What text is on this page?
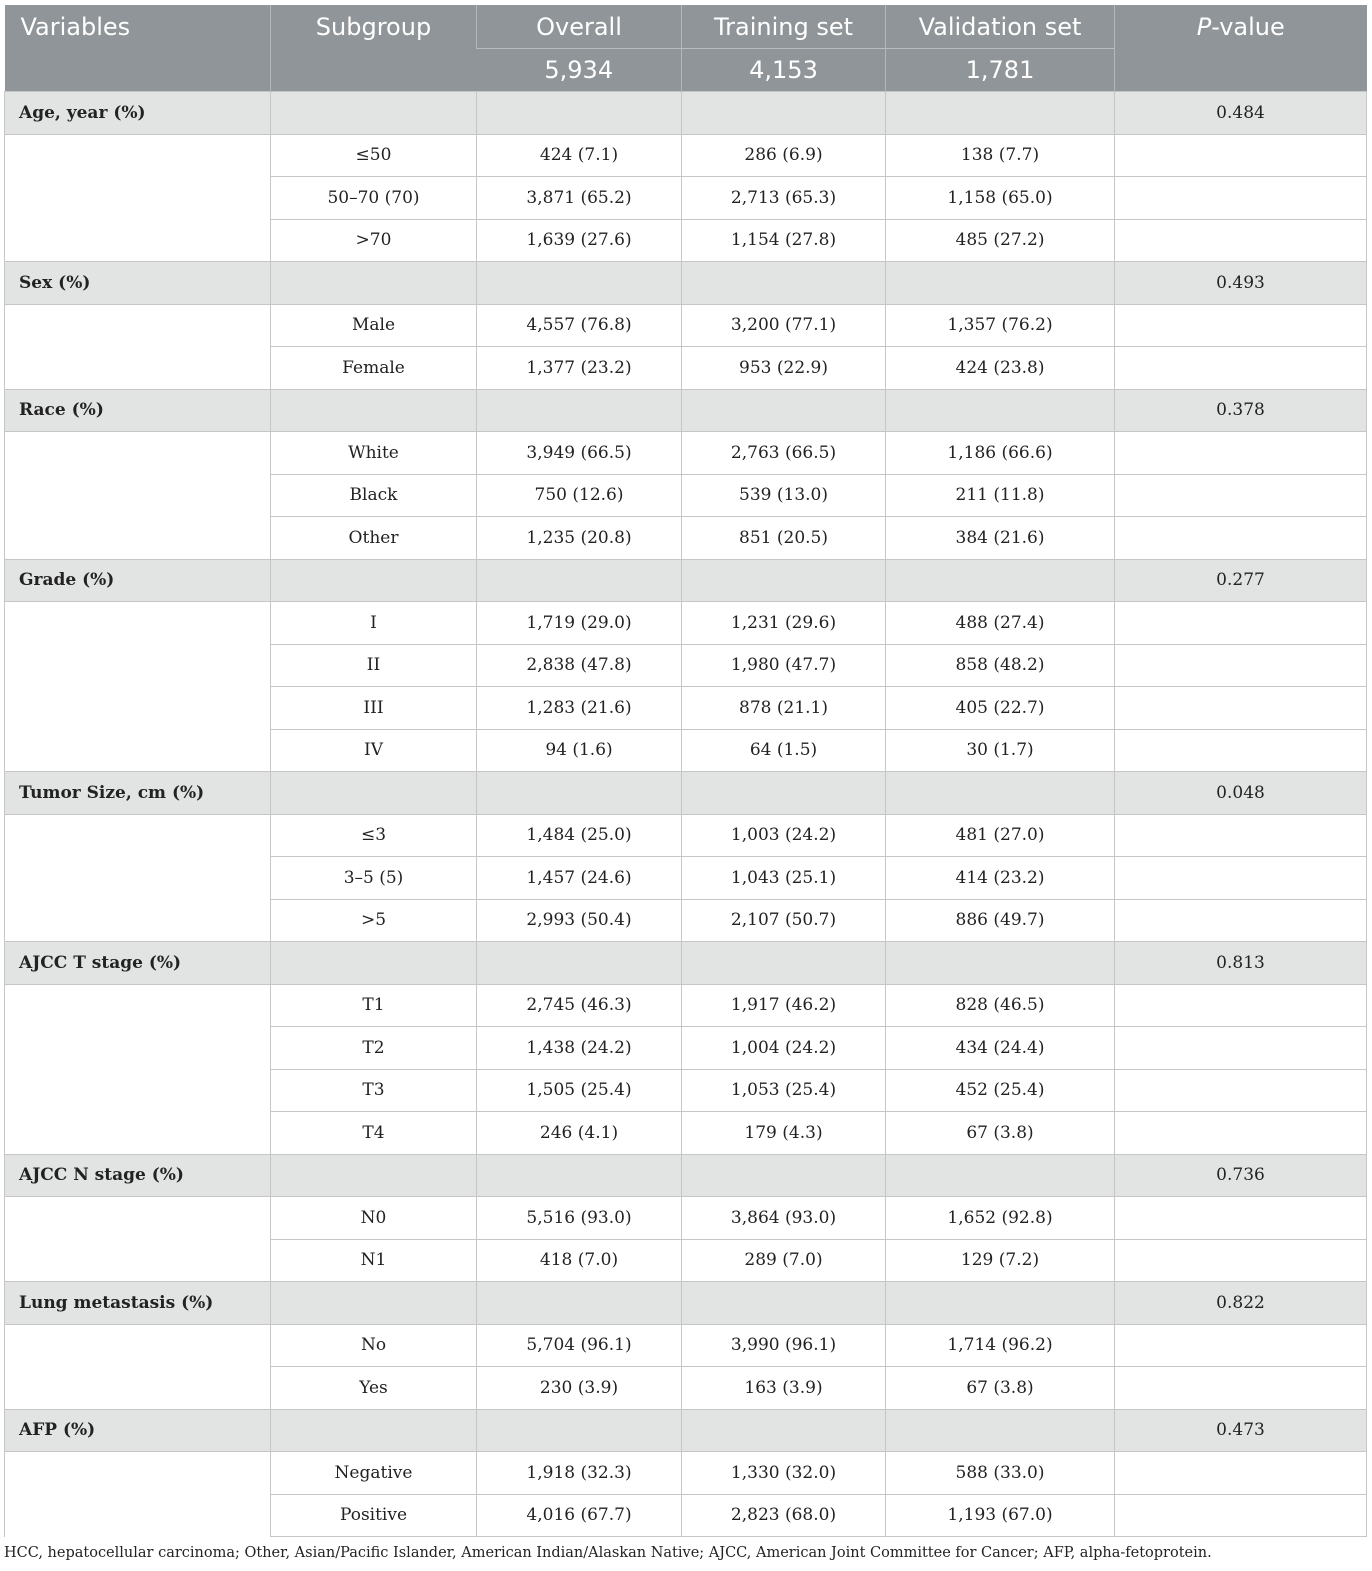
Variables	Subgroup	Overall	Training set	Validation set	P-value
		5,934	4,153	1,781	
Age, year (%)					0.484
	≤50	424 (7.1)	286 (6.9)	138 (7.7)	
	50–70 (70)	3,871 (65.2)	2,713 (65.3)	1,158 (65.0)	
	>70	1,639 (27.6)	1,154 (27.8)	485 (27.2)	
Sex (%)					0.493
	Male	4,557 (76.8)	3,200 (77.1)	1,357 (76.2)	
	Female	1,377 (23.2)	953 (22.9)	424 (23.8)	
Race (%)					0.378
	White	3,949 (66.5)	2,763 (66.5)	1,186 (66.6)	
	Black	750 (12.6)	539 (13.0)	211 (11.8)	
	Other	1,235 (20.8)	851 (20.5)	384 (21.6)	
Grade (%)					0.277
	I	1,719 (29.0)	1,231 (29.6)	488 (27.4)	
	II	2,838 (47.8)	1,980 (47.7)	858 (48.2)	
	III	1,283 (21.6)	878 (21.1)	405 (22.7)	
	IV	94 (1.6)	64 (1.5)	30 (1.7)	
Tumor Size, cm (%)					0.048
	≤3	1,484 (25.0)	1,003 (24.2)	481 (27.0)	
	3–5 (5)	1,457 (24.6)	1,043 (25.1)	414 (23.2)	
	>5	2,993 (50.4)	2,107 (50.7)	886 (49.7)	
AJCC T stage (%)					0.813
	T1	2,745 (46.3)	1,917 (46.2)	828 (46.5)	
	T2	1,438 (24.2)	1,004 (24.2)	434 (24.4)	
	T3	1,505 (25.4)	1,053 (25.4)	452 (25.4)	
	T4	246 (4.1)	179 (4.3)	67 (3.8)	
AJCC N stage (%)					0.736
	N0	5,516 (93.0)	3,864 (93.0)	1,652 (92.8)	
	N1	418 (7.0)	289 (7.0)	129 (7.2)	
Lung metastasis (%)					0.822
	No	5,704 (96.1)	3,990 (96.1)	1,714 (96.2)	
	Yes	230 (3.9)	163 (3.9)	67 (3.8)	
AFP (%)					0.473
	Negative	1,918 (32.3)	1,330 (32.0)	588 (33.0)	
	Positive	4,016 (67.7)	2,823 (68.0)	1,193 (67.0)	
HCC, hepatocellular carcinoma; Other, Asian/Pacific Islander, American Indian/Alaskan Native; AJCC, American Joint Committee for Cancer; AFP, alpha-fetoprotein.
